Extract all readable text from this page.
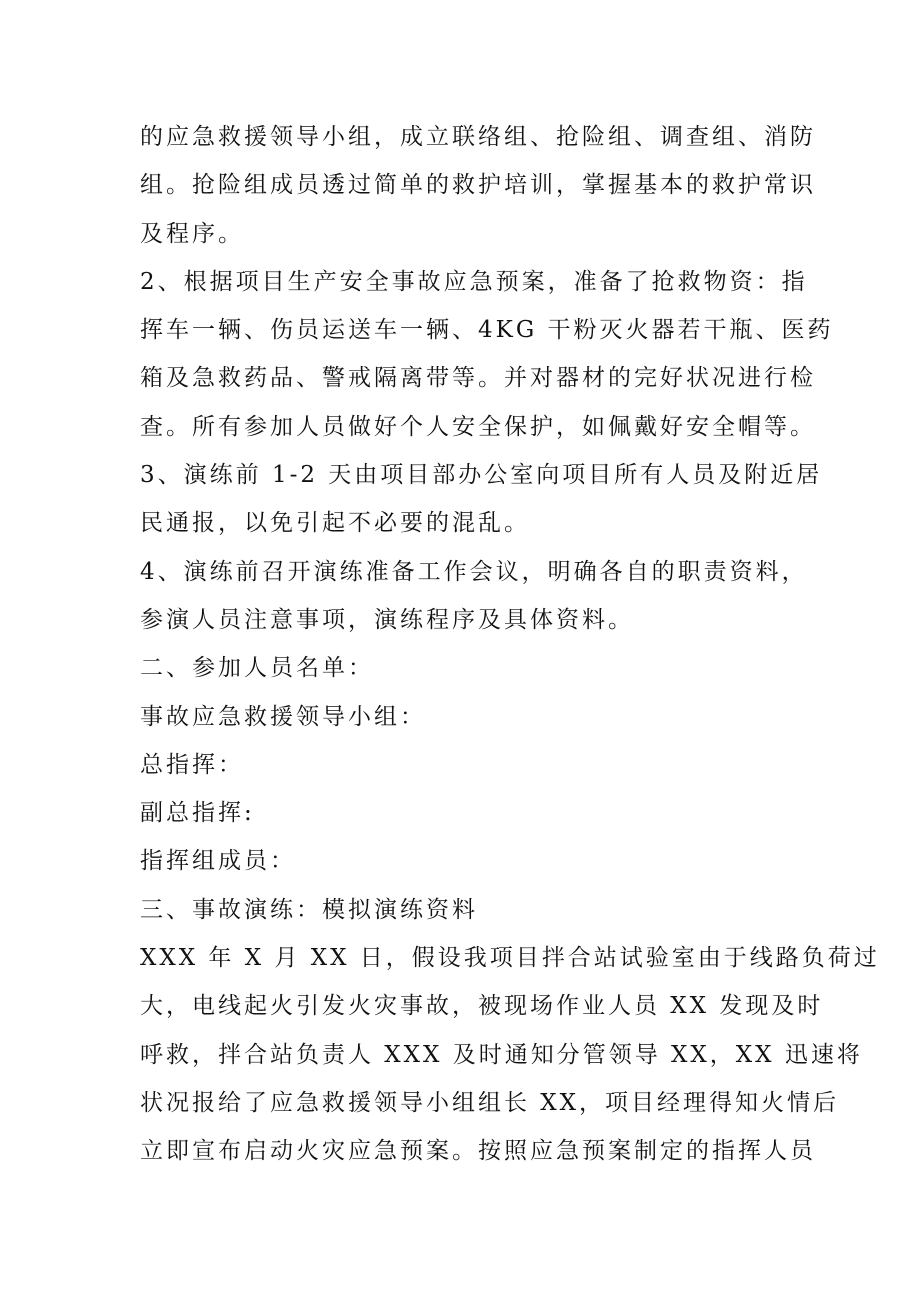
的应急救援领导小组，成立联络组、抢险组、调查组、消防
组。抢险组成员透过简单的救护培训，掌握基本的救护常识
及程序。
2、根据项目生产安全事故应急预案，准备了抢救物资：指
挥车一辆、伤员运送车一辆、4KG 干粉灭火器若干瓶、医药
箱及急救药品、警戒隔离带等。并对器材的完好状况进行检
查。所有参加人员做好个人安全保护，如佩戴好安全帽等。
3、演练前 1-2 天由项目部办公室向项目所有人员及附近居
民通报，以免引起不必要的混乱。
4、演练前召开演练准备工作会议，明确各自的职责资料，
参演人员注意事项，演练程序及具体资料。
二、参加人员名单：
事故应急救援领导小组：
总指挥：
副总指挥:
指挥组成员：
三、事故演练：模拟演练资料
XXX 年 X 月 XX 日，假设我项目拌合站试验室由于线路负荷过
大，电线起火引发火灾事故，被现场作业人员 XX 发现及时
呼救，拌合站负责人 XXX 及时通知分管领导 XX，XX 迅速将
状况报给了应急救援领导小组组长 XX，项目经理得知火情后
立即宣布启动火灾应急预案。按照应急预案制定的指挥人员
